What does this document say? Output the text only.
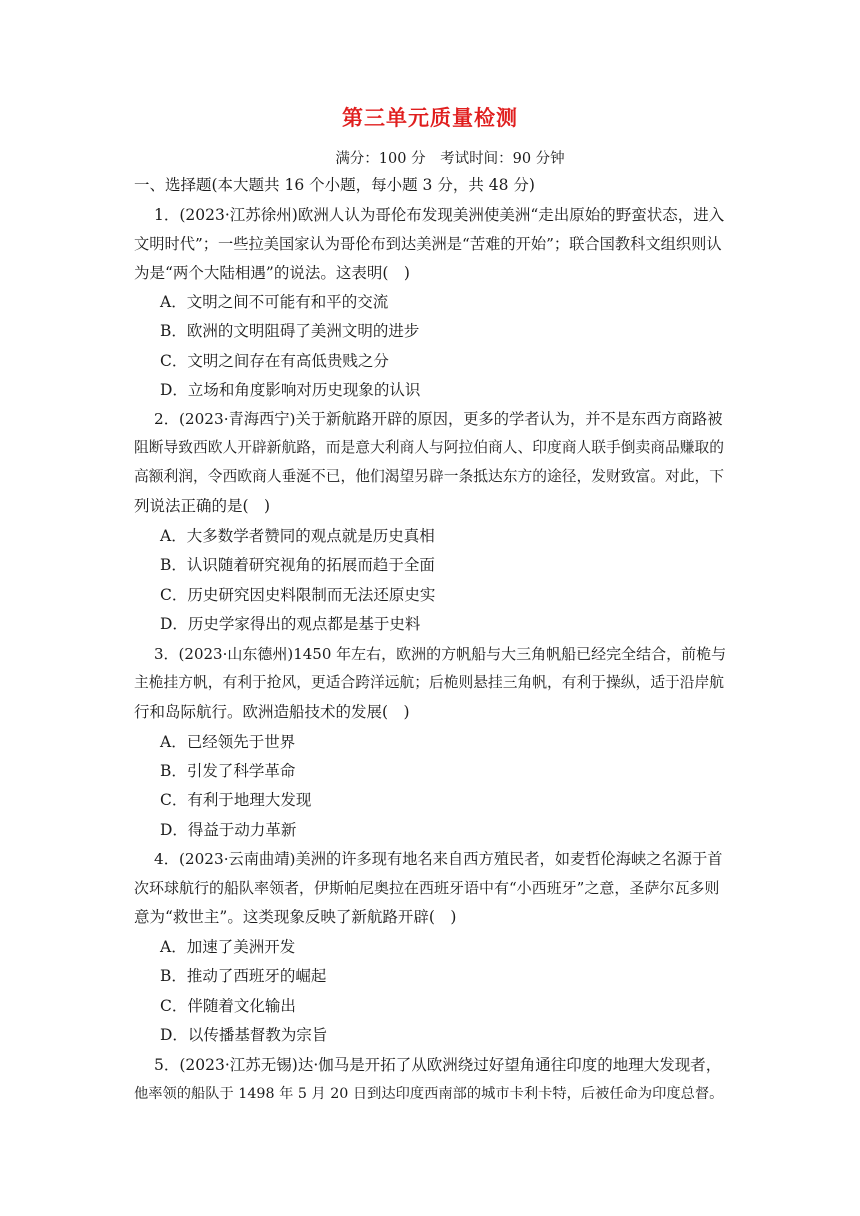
第三单元质量检测
满分：100 分　考试时间：90 分钟
一、选择题(本大题共 16 个小题，每小题 3 分，共 48 分)
1．(2023·江苏徐州)欧洲人认为哥伦布发现美洲使美洲“走出原始的野蛮状态，进入
文明时代”；一些拉美国家认为哥伦布到达美洲是“苦难的开始”；联合国教科文组织则认
为是“两个大陆相遇”的说法。这表明(　)
A．文明之间不可能有和平的交流
B．欧洲的文明阻碍了美洲文明的进步
C．文明之间存在有高低贵贱之分
D．立场和角度影响对历史现象的认识
2．(2023·青海西宁)关于新航路开辟的原因，更多的学者认为，并不是东西方商路被
阻断导致西欧人开辟新航路，而是意大利商人与阿拉伯商人、印度商人联手倒卖商品赚取的
高额利润，令西欧商人垂涎不已，他们渴望另辟一条抵达东方的途径，发财致富。对此，下
列说法正确的是(　)
A．大多数学者赞同的观点就是历史真相
B．认识随着研究视角的拓展而趋于全面
C．历史研究因史料限制而无法还原史实
D．历史学家得出的观点都是基于史料
3．(2023·山东德州)1450 年左右，欧洲的方帆船与大三角帆船已经完全结合，前桅与
主桅挂方帆，有利于抢风，更适合跨洋远航；后桅则悬挂三角帆，有利于操纵，适于沿岸航
行和岛际航行。欧洲造船技术的发展(　)
A．已经领先于世界
B．引发了科学革命
C．有利于地理大发现
D．得益于动力革新
4．(2023·云南曲靖)美洲的许多现有地名来自西方殖民者，如麦哲伦海峡之名源于首
次环球航行的船队率领者，伊斯帕尼奥拉在西班牙语中有“小西班牙”之意，圣萨尔瓦多则
意为“救世主”。这类现象反映了新航路开辟(　)
A．加速了美洲开发
B．推动了西班牙的崛起
C．伴随着文化输出
D．以传播基督教为宗旨
5．(2023·江苏无锡)达·伽马是开拓了从欧洲绕过好望角通往印度的地理大发现者，
他率领的船队于 1498 年 5 月 20 日到达印度西南部的城市卡利卡特，后被任命为印度总督。
